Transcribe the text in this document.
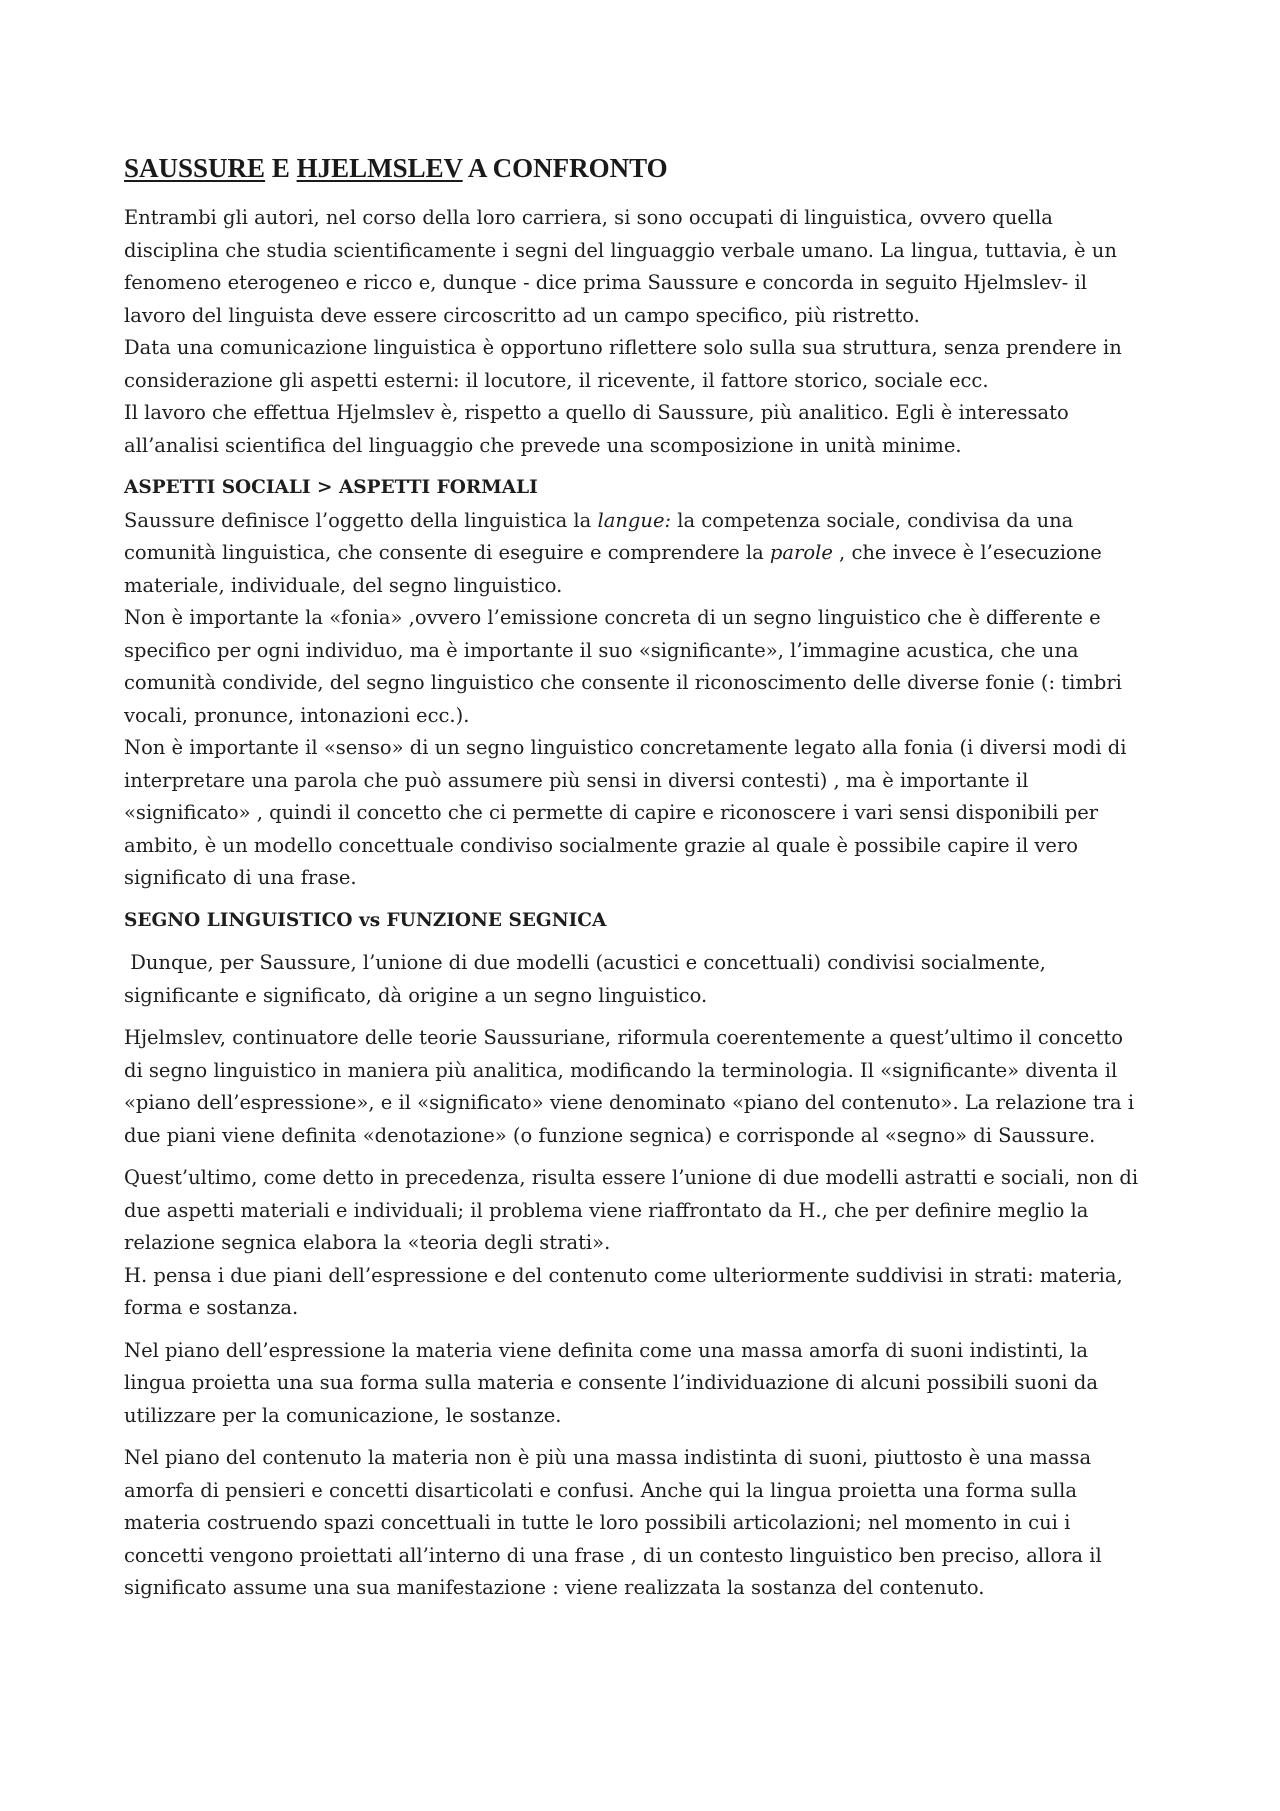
SAUSSURE E HJELMSLEV A CONFRONTO

Entrambi gli autori, nel corso della loro carriera, si sono occupati di linguistica, ovvero quella disciplina che studia scientificamente i segni del linguaggio verbale umano. La lingua, tuttavia, è un fenomeno eterogeneo e ricco e, dunque - dice prima Saussure e concorda in seguito Hjelmslev- il lavoro del linguista deve essere circoscritto ad un campo specifico, più ristretto.

Data una comunicazione linguistica è opportuno riflettere solo sulla sua struttura, senza prendere in considerazione gli aspetti esterni: il locutore, il ricevente, il fattore storico, sociale ecc.

Il lavoro che effettua Hjelmslev è, rispetto a quello di Saussure, più analitico. Egli è interessato all’analisi scientifica del linguaggio che prevede una scomposizione in unità minime.

ASPETTI SOCIALI > ASPETTI FORMALI

Saussure definisce l’oggetto della linguistica la langue: la competenza sociale, condivisa da una comunità linguistica, che consente di eseguire e comprendere la parole , che invece è l’esecuzione materiale, individuale, del segno linguistico.

Non è importante la «fonia» ,ovvero l’emissione concreta di un segno linguistico che è differente e specifico per ogni individuo, ma è importante il suo «significante», l’immagine acustica, che una comunità condivide, del segno linguistico che consente il riconoscimento delle diverse fonie (: timbri vocali, pronunce, intonazioni ecc.).

Non è importante il «senso» di un segno linguistico concretamente legato alla fonia (i diversi modi di interpretare una parola che può assumere più sensi in diversi contesti) , ma è importante il «significato» , quindi il concetto che ci permette di capire e riconoscere i vari sensi disponibili per ambito, è un modello concettuale condiviso socialmente grazie al quale è possibile capire il vero significato di una frase.

SEGNO LINGUISTICO vs FUNZIONE SEGNICA

Dunque, per Saussure, l’unione di due modelli (acustici e concettuali) condivisi socialmente, significante e significato, dà origine a un segno linguistico.

Hjelmslev, continuatore delle teorie Saussuriane, riformula coerentemente a quest’ultimo il concetto di segno linguistico in maniera più analitica, modificando la terminologia. Il «significante» diventa il «piano dell’espressione», e il «significato» viene denominato «piano del contenuto». La relazione tra i due piani viene definita «denotazione» (o funzione segnica) e corrisponde al «segno» di Saussure.

Quest’ultimo, come detto in precedenza, risulta essere l’unione di due modelli astratti e sociali, non di due aspetti materiali e individuali; il problema viene riaffrontato da H., che per definire meglio la relazione segnica elabora la «teoria degli strati».

H. pensa i due piani dell’espressione e del contenuto come ulteriormente suddivisi in strati: materia, forma e sostanza.

Nel piano dell’espressione la materia viene definita come una massa amorfa di suoni indistinti, la lingua proietta una sua forma sulla materia e consente l’individuazione di alcuni possibili suoni da utilizzare per la comunicazione, le sostanze.

Nel piano del contenuto la materia non è più una massa indistinta di suoni, piuttosto è una massa amorfa di pensieri e concetti disarticolati e confusi. Anche qui la lingua proietta una forma sulla materia costruendo spazi concettuali in tutte le loro possibili articolazioni; nel momento in cui i concetti vengono proiettati all’interno di una frase , di un contesto linguistico ben preciso, allora il significato assume una sua manifestazione : viene realizzata la sostanza del contenuto.
